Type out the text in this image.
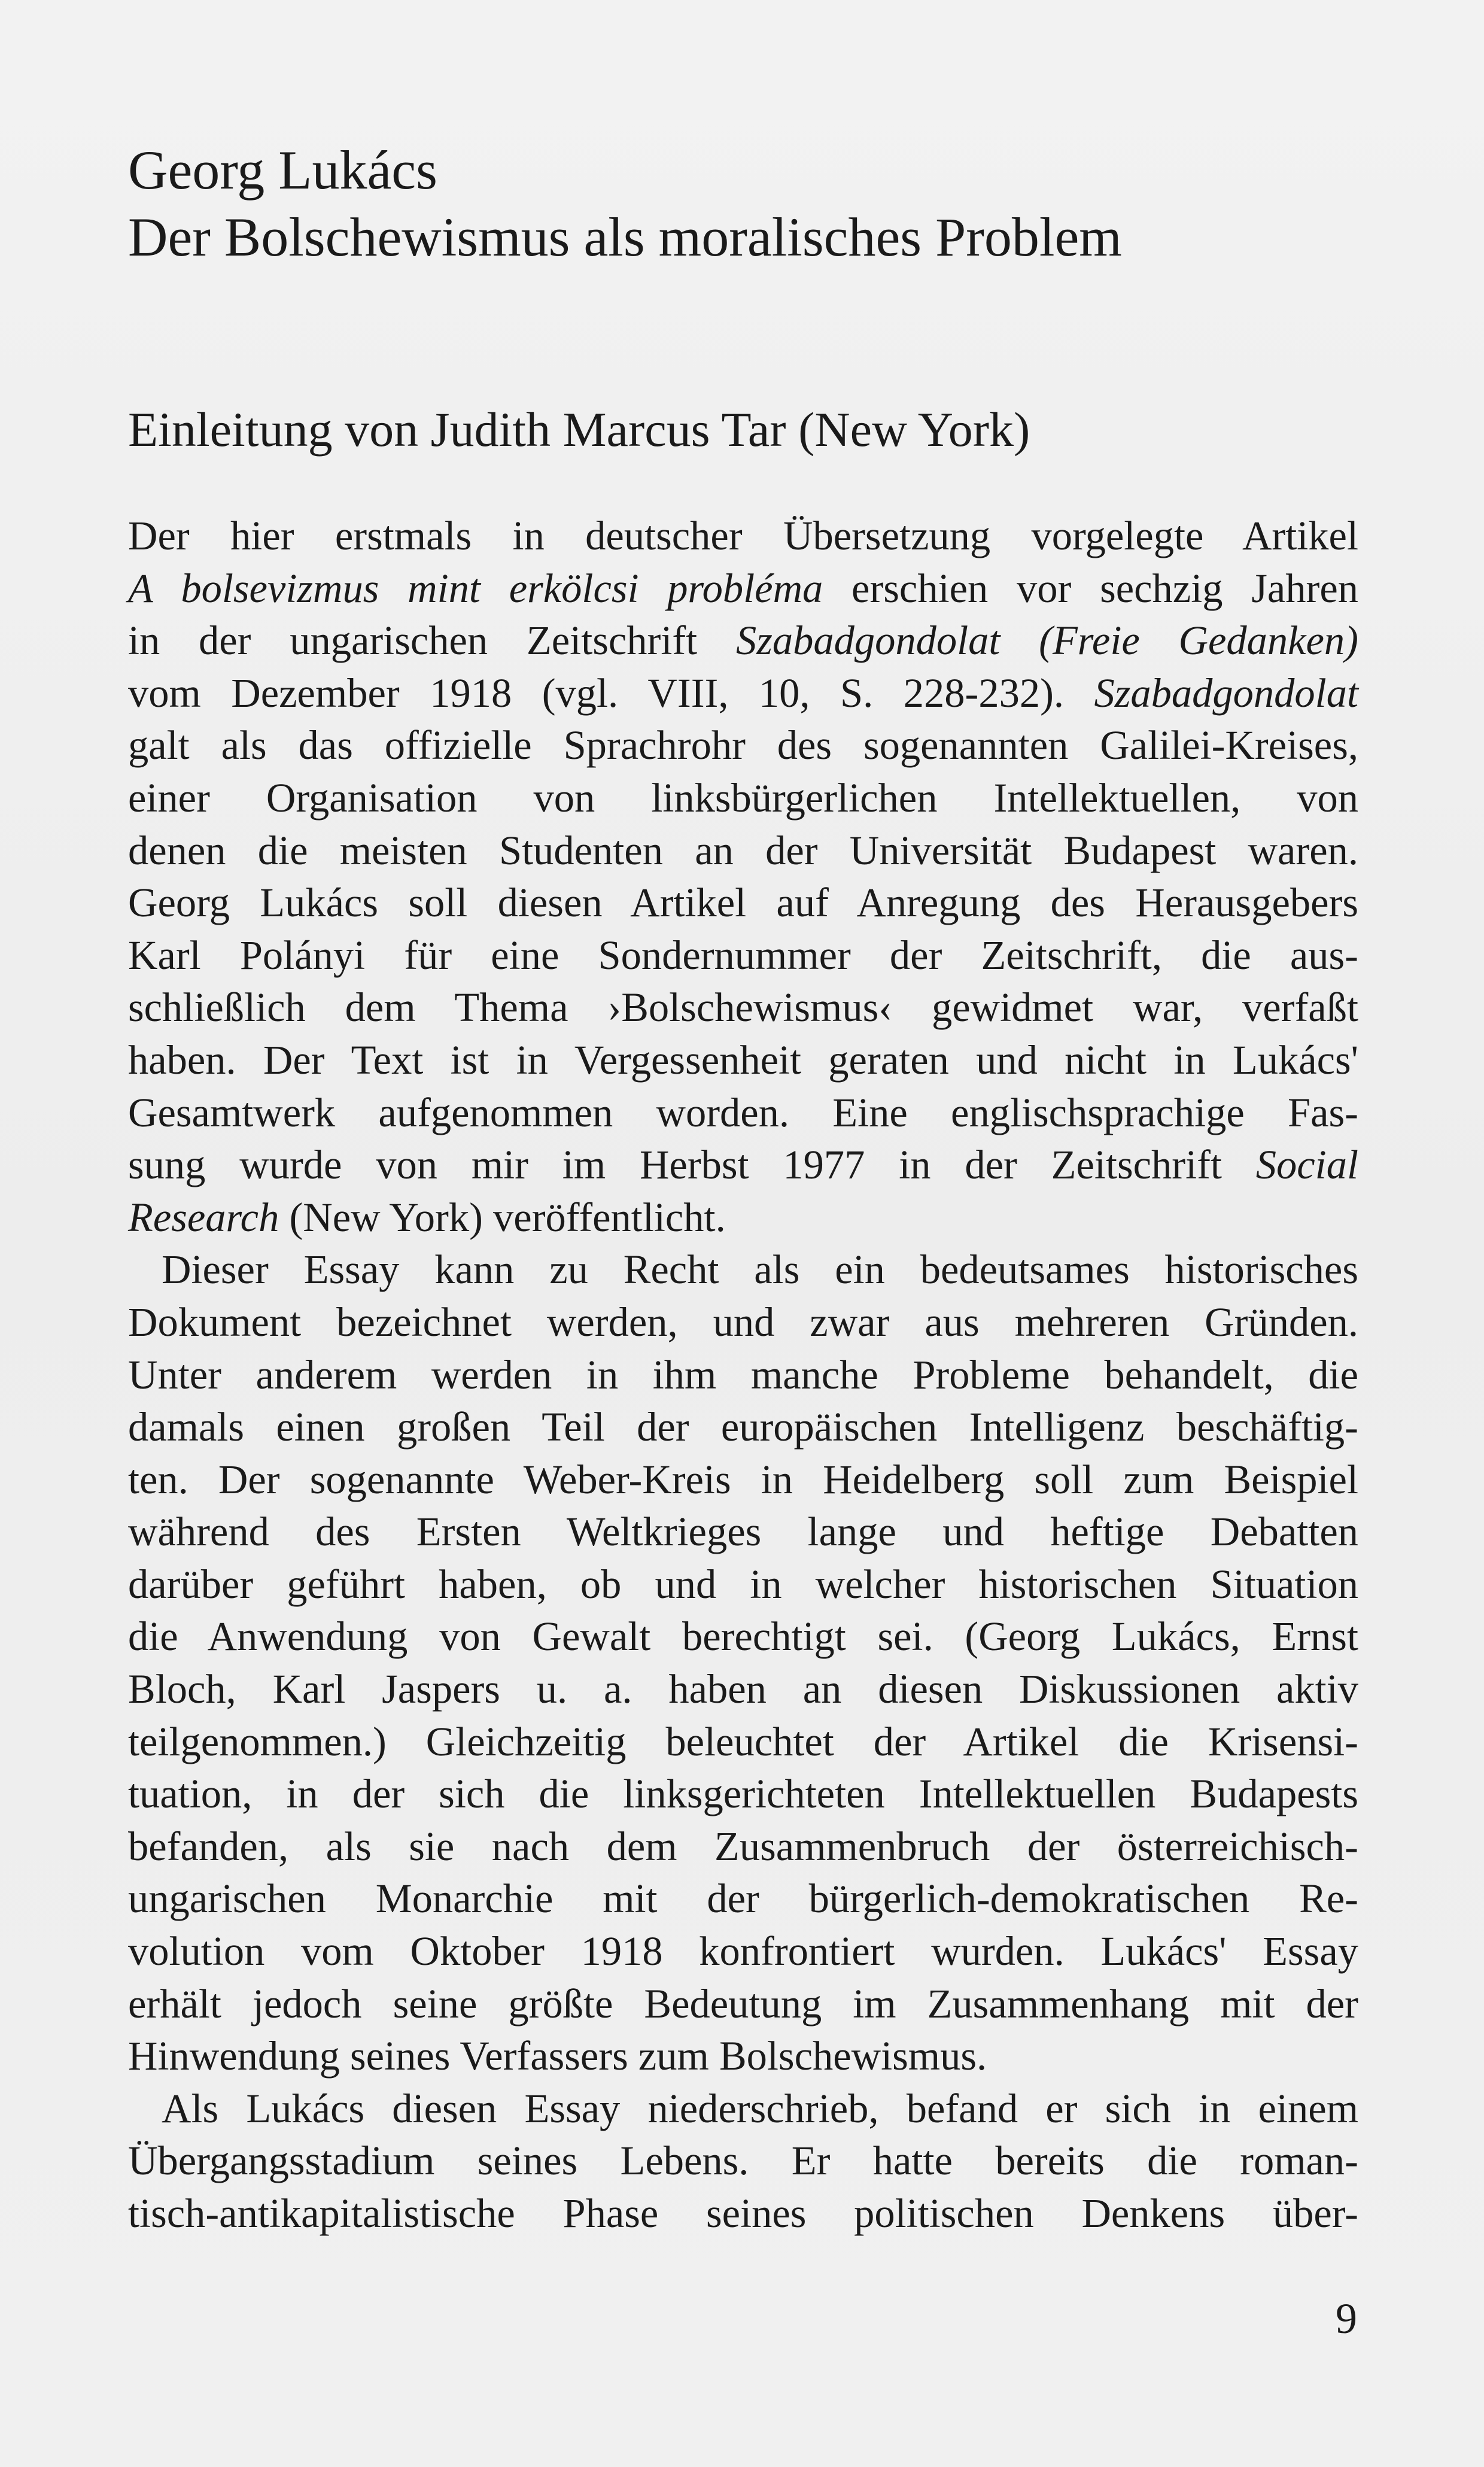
Georg Lukács
Der Bolschewismus als moralisches Problem
Einleitung von Judith Marcus Tar (New York)

Der hier erstmals in deutscher Übersetzung vorgelegte Artikel
A bolsevizmus mint erkölcsi probléma erschien vor sechzig Jahren
in der ungarischen Zeitschrift Szabadgondolat (Freie Gedanken)
vom Dezember 1918 (vgl. VIII, 10, S. 228-232). Szabadgondolat
galt als das offizielle Sprachrohr des sogenannten Galilei-Kreises,
einer Organisation von linksbürgerlichen Intellektuellen, von
denen die meisten Studenten an der Universität Budapest waren.
Georg Lukács soll diesen Artikel auf Anregung des Herausgebers
Karl Polányi für eine Sondernummer der Zeitschrift, die aus-
schließlich dem Thema ›Bolschewismus‹ gewidmet war, verfaßt
haben. Der Text ist in Vergessenheit geraten und nicht in Lukács'
Gesamtwerk aufgenommen worden. Eine englischsprachige Fas-
sung wurde von mir im Herbst 1977 in der Zeitschrift Social
Research (New York) veröffentlicht.

Dieser Essay kann zu Recht als ein bedeutsames historisches
Dokument bezeichnet werden, und zwar aus mehreren Gründen.
Unter anderem werden in ihm manche Probleme behandelt, die
damals einen großen Teil der europäischen Intelligenz beschäftig-
ten. Der sogenannte Weber-Kreis in Heidelberg soll zum Beispiel
während des Ersten Weltkrieges lange und heftige Debatten
darüber geführt haben, ob und in welcher historischen Situation
die Anwendung von Gewalt berechtigt sei. (Georg Lukács, Ernst
Bloch, Karl Jaspers u. a. haben an diesen Diskussionen aktiv
teilgenommen.) Gleichzeitig beleuchtet der Artikel die Krisensi-
tuation, in der sich die linksgerichteten Intellektuellen Budapests
befanden, als sie nach dem Zusammenbruch der österreichisch-
ungarischen Monarchie mit der bürgerlich-demokratischen Re-
volution vom Oktober 1918 konfrontiert wurden. Lukács' Essay
erhält jedoch seine größte Bedeutung im Zusammenhang mit der
Hinwendung seines Verfassers zum Bolschewismus.

Als Lukács diesen Essay niederschrieb, befand er sich in einem
Übergangsstadium seines Lebens. Er hatte bereits die roman-
tisch-antikapitalistische Phase seines politischen Denkens über-

9
